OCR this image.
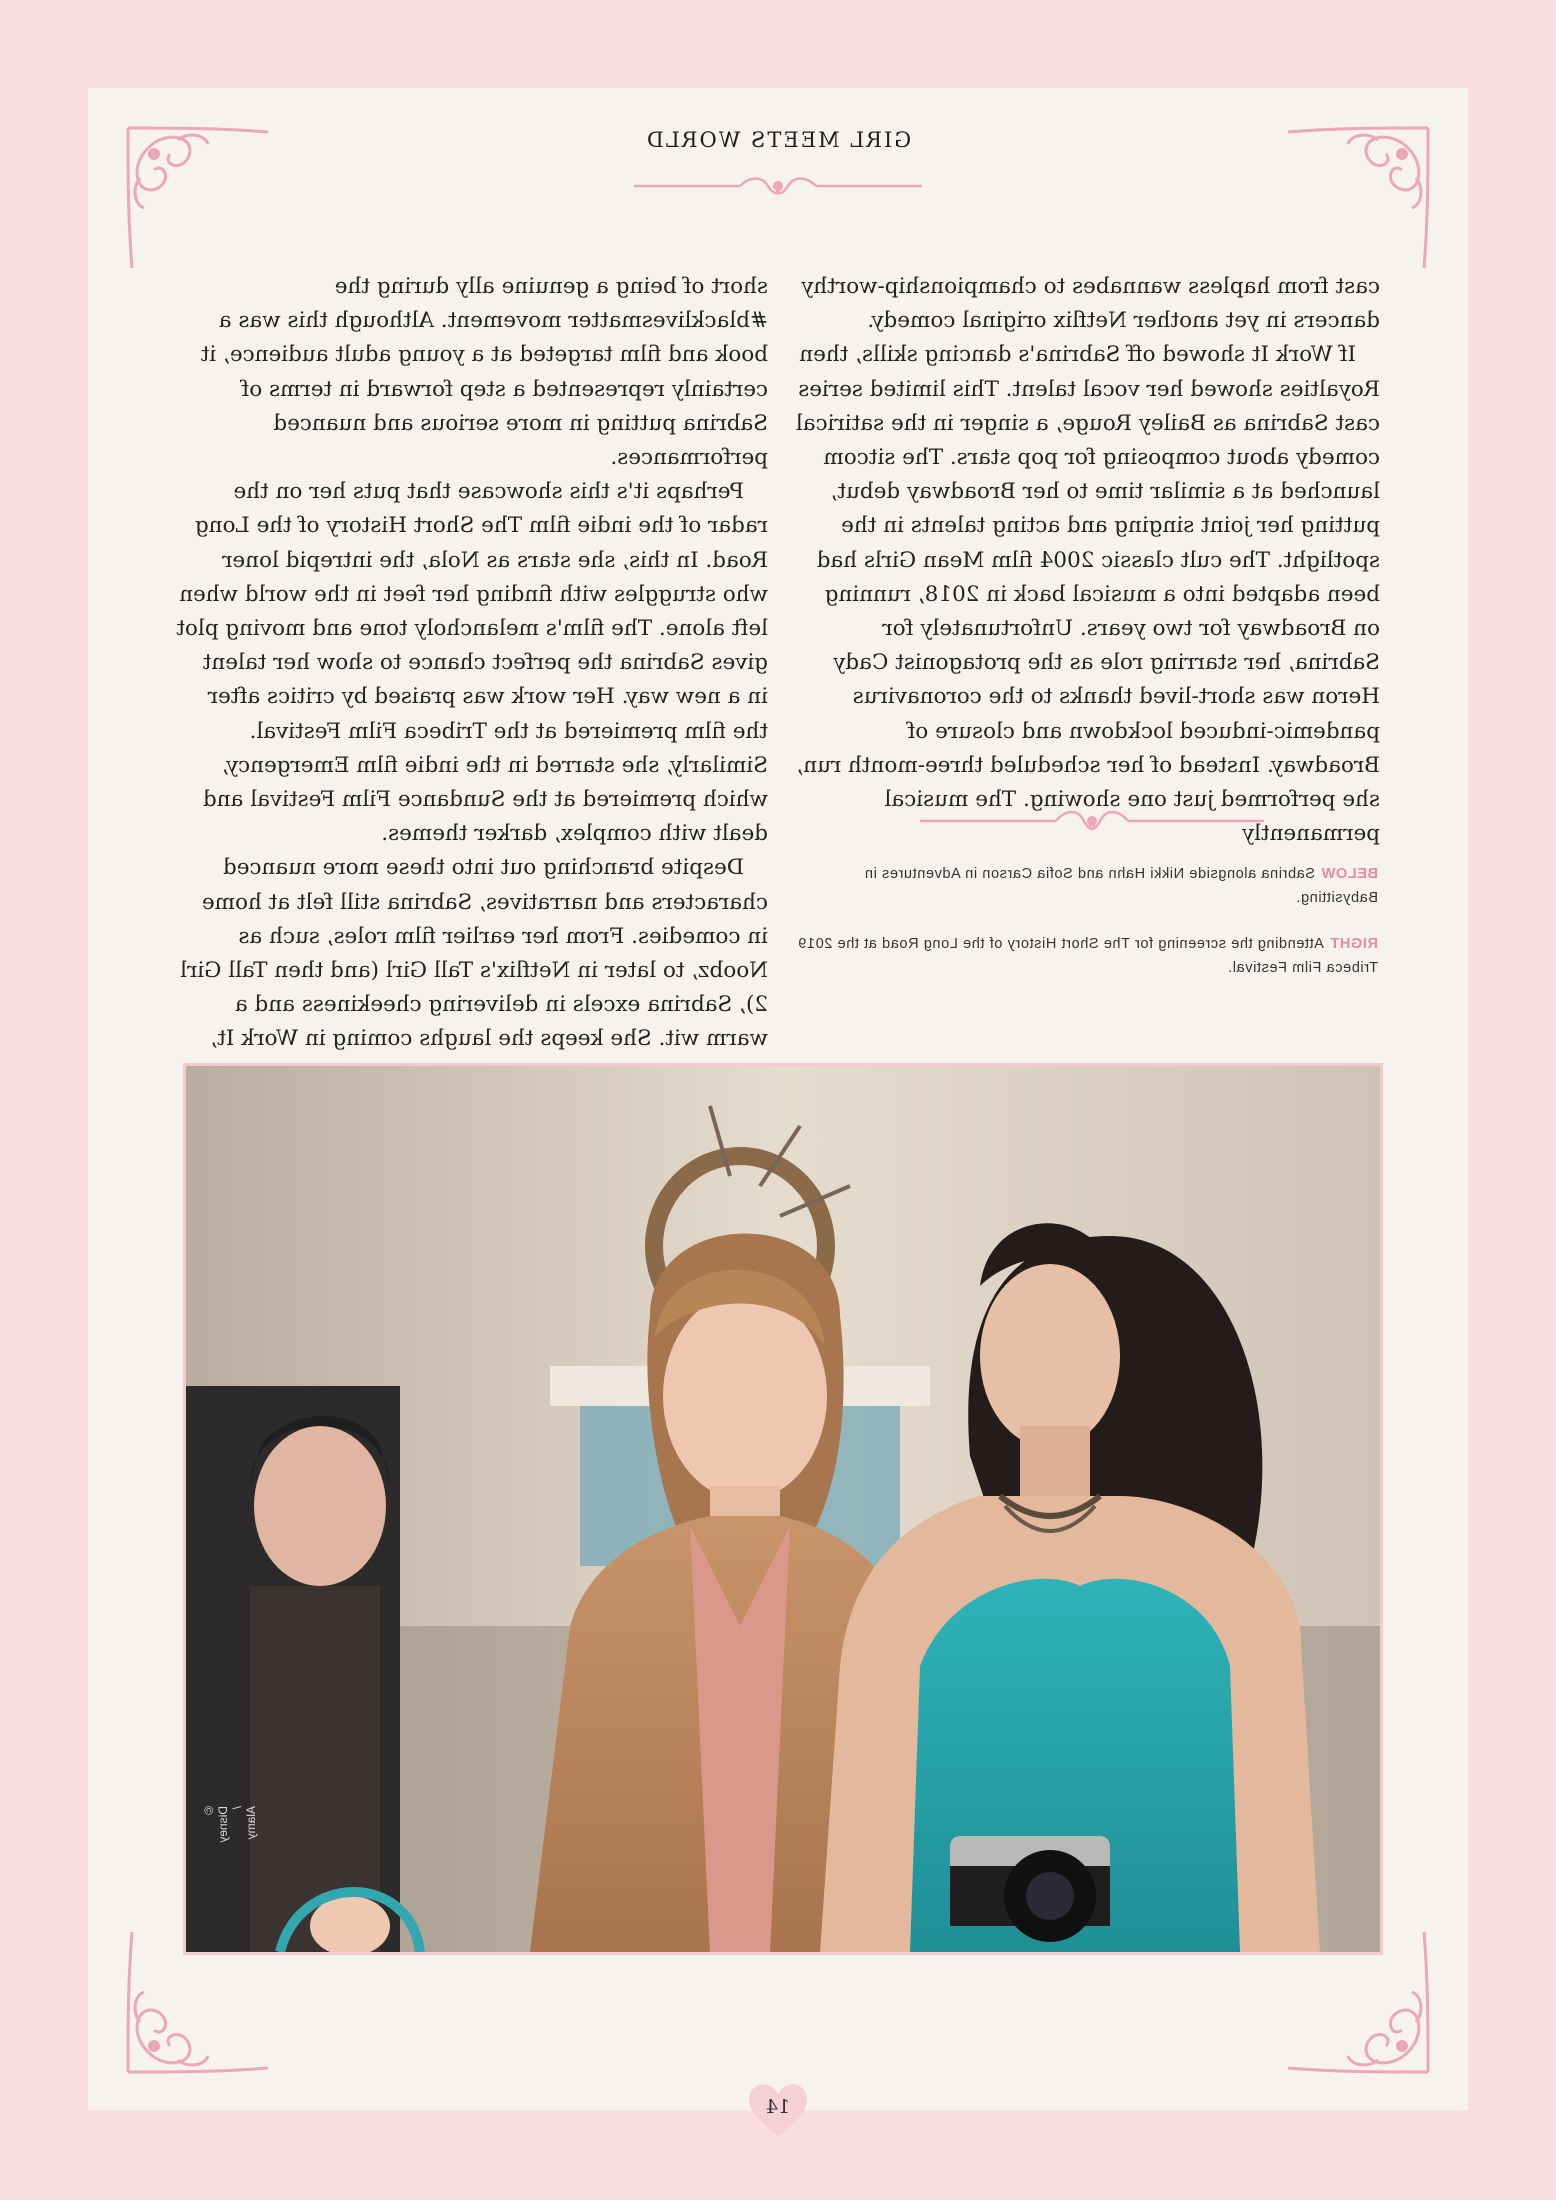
GIRL MEETS WORLD

short of being a genuine ally during the #blacklivesmatter movement. Although this was a book and film targeted at a young adult audience, it certainly represented a step forward in terms of Sabrina putting in more serious and nuanced performances.

Perhaps it's this showcase that puts her on the radar of the indie film The Short History of the Long Road. In this, she stars as Nola, the intrepid loner who struggles with finding her feet in the world when left alone. The film's melancholy tone and moving plot gives Sabrina the perfect chance to show her talent in a new way. Her work was praised by critics after the film premiered at the Tribeca Film Festival. Similarly, she starred in the indie film Emergency, which premiered at the Sundance Film Festival and dealt with complex, darker themes.

Despite branching out into these more nuanced characters and narratives, Sabrina still felt at home in comedies. From her earlier film roles, such as Noobz, to later in Netflix's Tall Girl (and then Tall Girl 2), Sabrina excels in delivering cheekiness and a warm wit. She keeps the laughs coming in Work It,

cast from hapless wannabes to championship-worthy dancers in yet another Netflix original comedy.

If Work It showed off Sabrina's dancing skills, then Royalties showed her vocal talent. This limited series cast Sabrina as Bailey Rouge, a singer in the satirical comedy about composing for pop stars. The sitcom launched at a similar time to her Broadway debut, putting her joint singing and acting talents in the spotlight. The cult classic 2004 film Mean Girls had been adapted into a musical back in 2018, running on Broadway for two years. Unfortunately for Sabrina, her starring role as the protagonist Cady Heron was short-lived thanks to the coronavirus pandemic-induced lockdown and closure of Broadway. Instead of her scheduled three-month run, she performed just one showing. The musical permanently

BELOWSabrina alongside Nikki Hahn and Sofia Carson in Adventures in Babysitting.
RIGHTAttending the screening for The Short History of the Long Road at the 2019 Tribeca Film Festival.
© Disney / Alamy
14
